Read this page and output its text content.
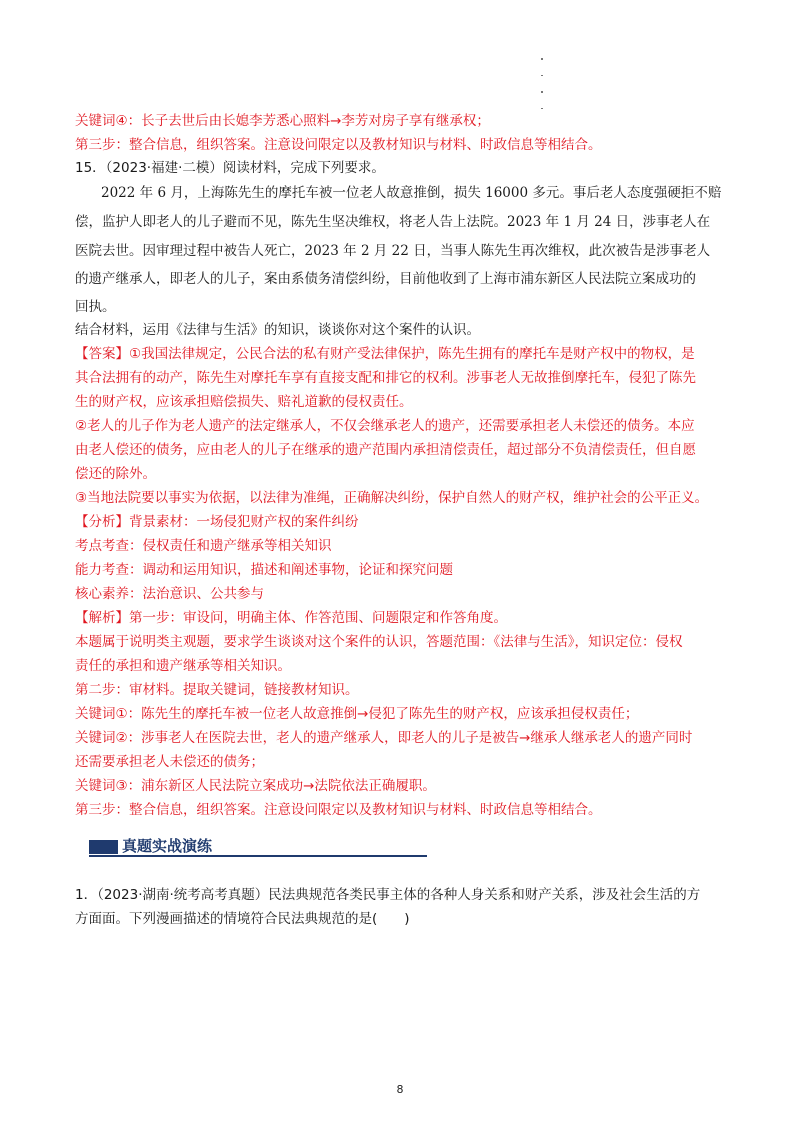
关键词④：长子去世后由长媳李芳悉心照料→李芳对房子享有继承权；
第三步：整合信息，组织答案。注意设问限定以及教材知识与材料、时政信息等相结合。
15．（2023·福建·二模）阅读材料，完成下列要求。
2022 年 6 月，上海陈先生的摩托车被一位老人故意推倒，损失 16000 多元。事后老人态度强硬拒不赔
偿，监护人即老人的儿子避而不见，陈先生坚决维权，将老人告上法院。2023 年 1 月 24 日，涉事老人在
医院去世。因审理过程中被告人死亡，2023 年 2 月 22 日，当事人陈先生再次维权，此次被告是涉事老人
的遗产继承人，即老人的儿子，案由系债务清偿纠纷，目前他收到了上海市浦东新区人民法院立案成功的
回执。
结合材料，运用《法律与生活》的知识，谈谈你对这个案件的认识。
【答案】①我国法律规定，公民合法的私有财产受法律保护，陈先生拥有的摩托车是财产权中的物权，是
其合法拥有的动产，陈先生对摩托车享有直接支配和排它的权利。涉事老人无故推倒摩托车，侵犯了陈先
生的财产权，应该承担赔偿损失、赔礼道歉的侵权责任。
②老人的儿子作为老人遗产的法定继承人，不仅会继承老人的遗产，还需要承担老人未偿还的债务。本应
由老人偿还的债务，应由老人的儿子在继承的遗产范围内承担清偿责任，超过部分不负清偿责任，但自愿
偿还的除外。
③当地法院要以事实为依据，以法律为准绳，正确解决纠纷，保护自然人的财产权，维护社会的公平正义。
【分析】背景素材：一场侵犯财产权的案件纠纷
考点考查：侵权责任和遗产继承等相关知识
能力考查：调动和运用知识，描述和阐述事物，论证和探究问题
核心素养：法治意识、公共参与
【解析】第一步：审设问，明确主体、作答范围、问题限定和作答角度。
本题属于说明类主观题，要求学生谈谈对这个案件的认识，答题范围：《法律与生活》，知识定位：侵权
责任的承担和遗产继承等相关知识。
第二步：审材料。提取关键词，链接教材知识。
关键词①：陈先生的摩托车被一位老人故意推倒→侵犯了陈先生的财产权，应该承担侵权责任；
关键词②：涉事老人在医院去世，老人的遗产继承人，即老人的儿子是被告→继承人继承老人的遗产同时
还需要承担老人未偿还的债务；
关键词③：浦东新区人民法院立案成功→法院依法正确履职。
第三步：整合信息，组织答案。注意设问限定以及教材知识与材料、时政信息等相结合。
真题实战演练
1．（2023·湖南·统考高考真题）民法典规范各类民事主体的各种人身关系和财产关系，涉及社会生活的方
方面面。下列漫画描述的情境符合民法典规范的是(　　)
8
